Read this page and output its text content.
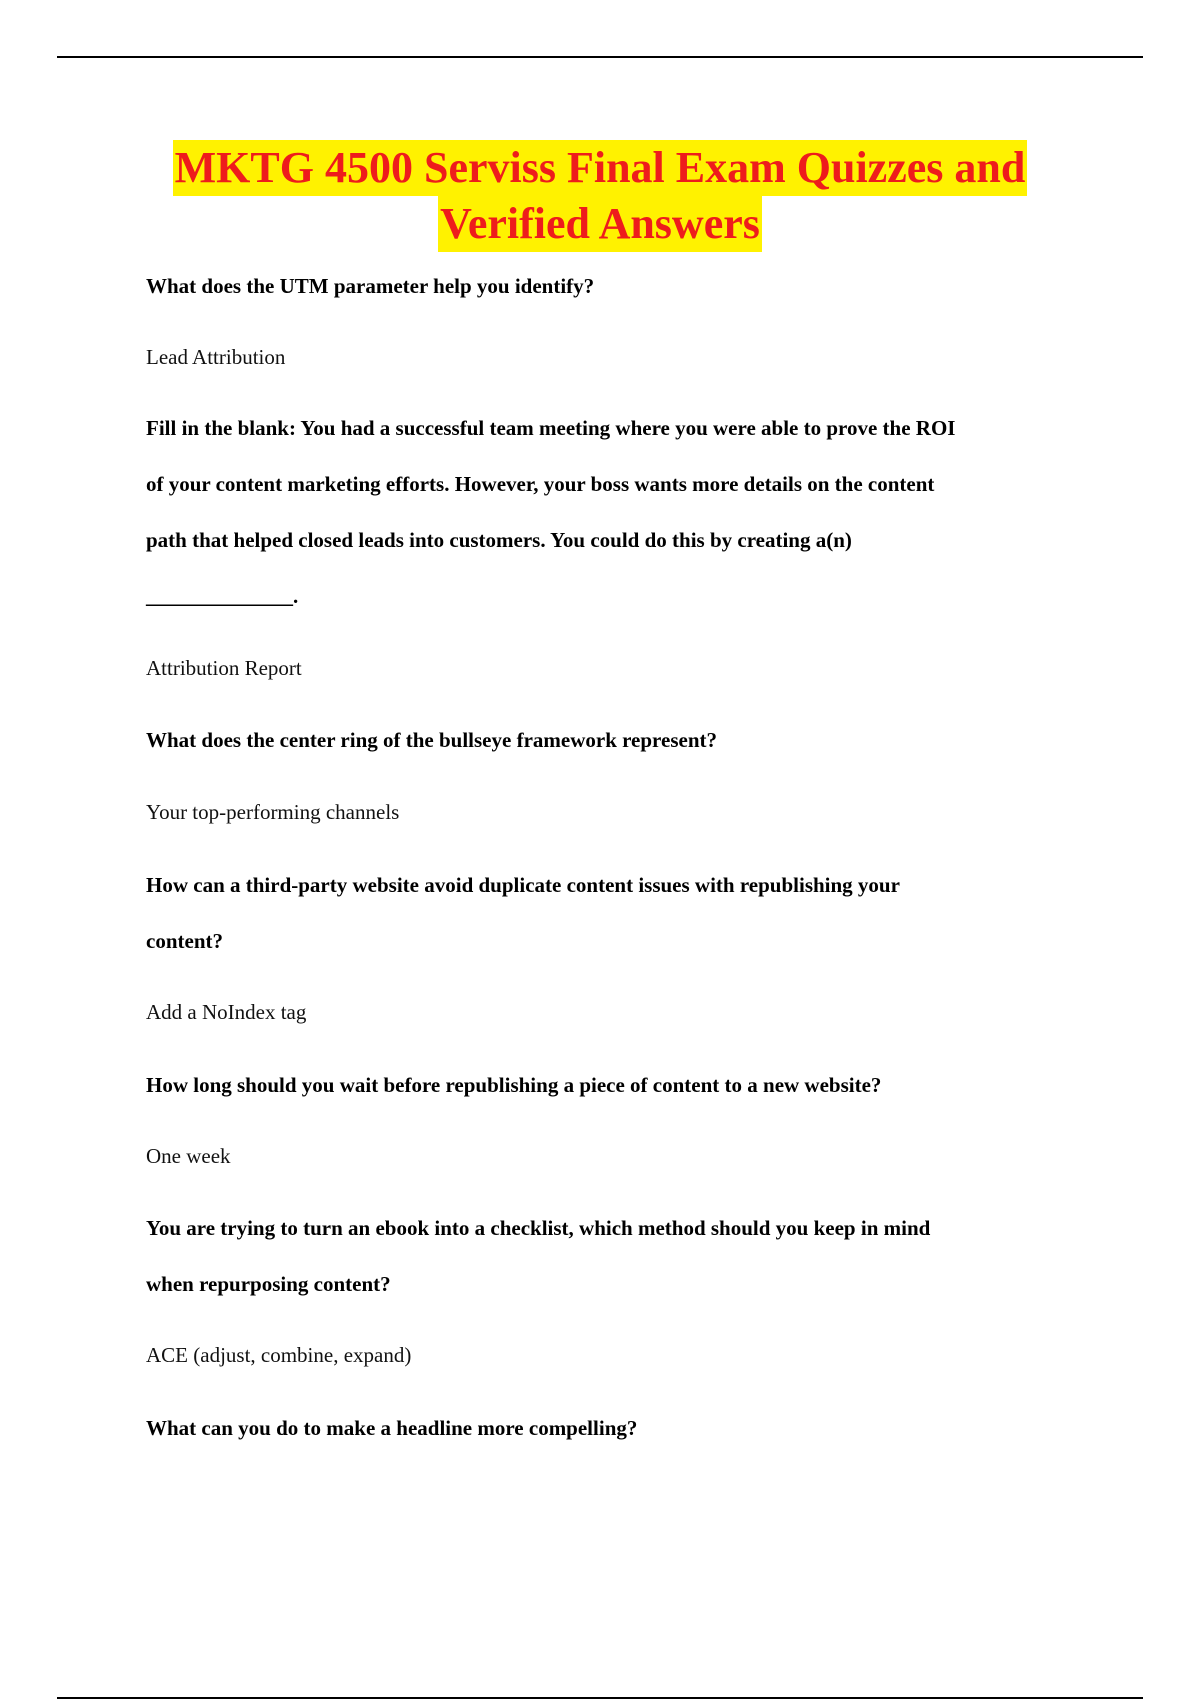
MKTG 4500 Serviss Final Exam Quizzes and
Verified Answers
What does the UTM parameter help you identify?
Lead Attribution
Fill in the blank: You had a successful team meeting where you were able to prove the ROI
of your content marketing efforts. However, your boss wants more details on the content
path that helped closed leads into customers. You could do this by creating a(n)
______________.
Attribution Report
What does the center ring of the bullseye framework represent?
Your top-performing channels
How can a third-party website avoid duplicate content issues with republishing your
content?
Add a NoIndex tag
How long should you wait before republishing a piece of content to a new website?
One week
You are trying to turn an ebook into a checklist, which method should you keep in mind
when repurposing content?
ACE (adjust, combine, expand)
What can you do to make a headline more compelling?
